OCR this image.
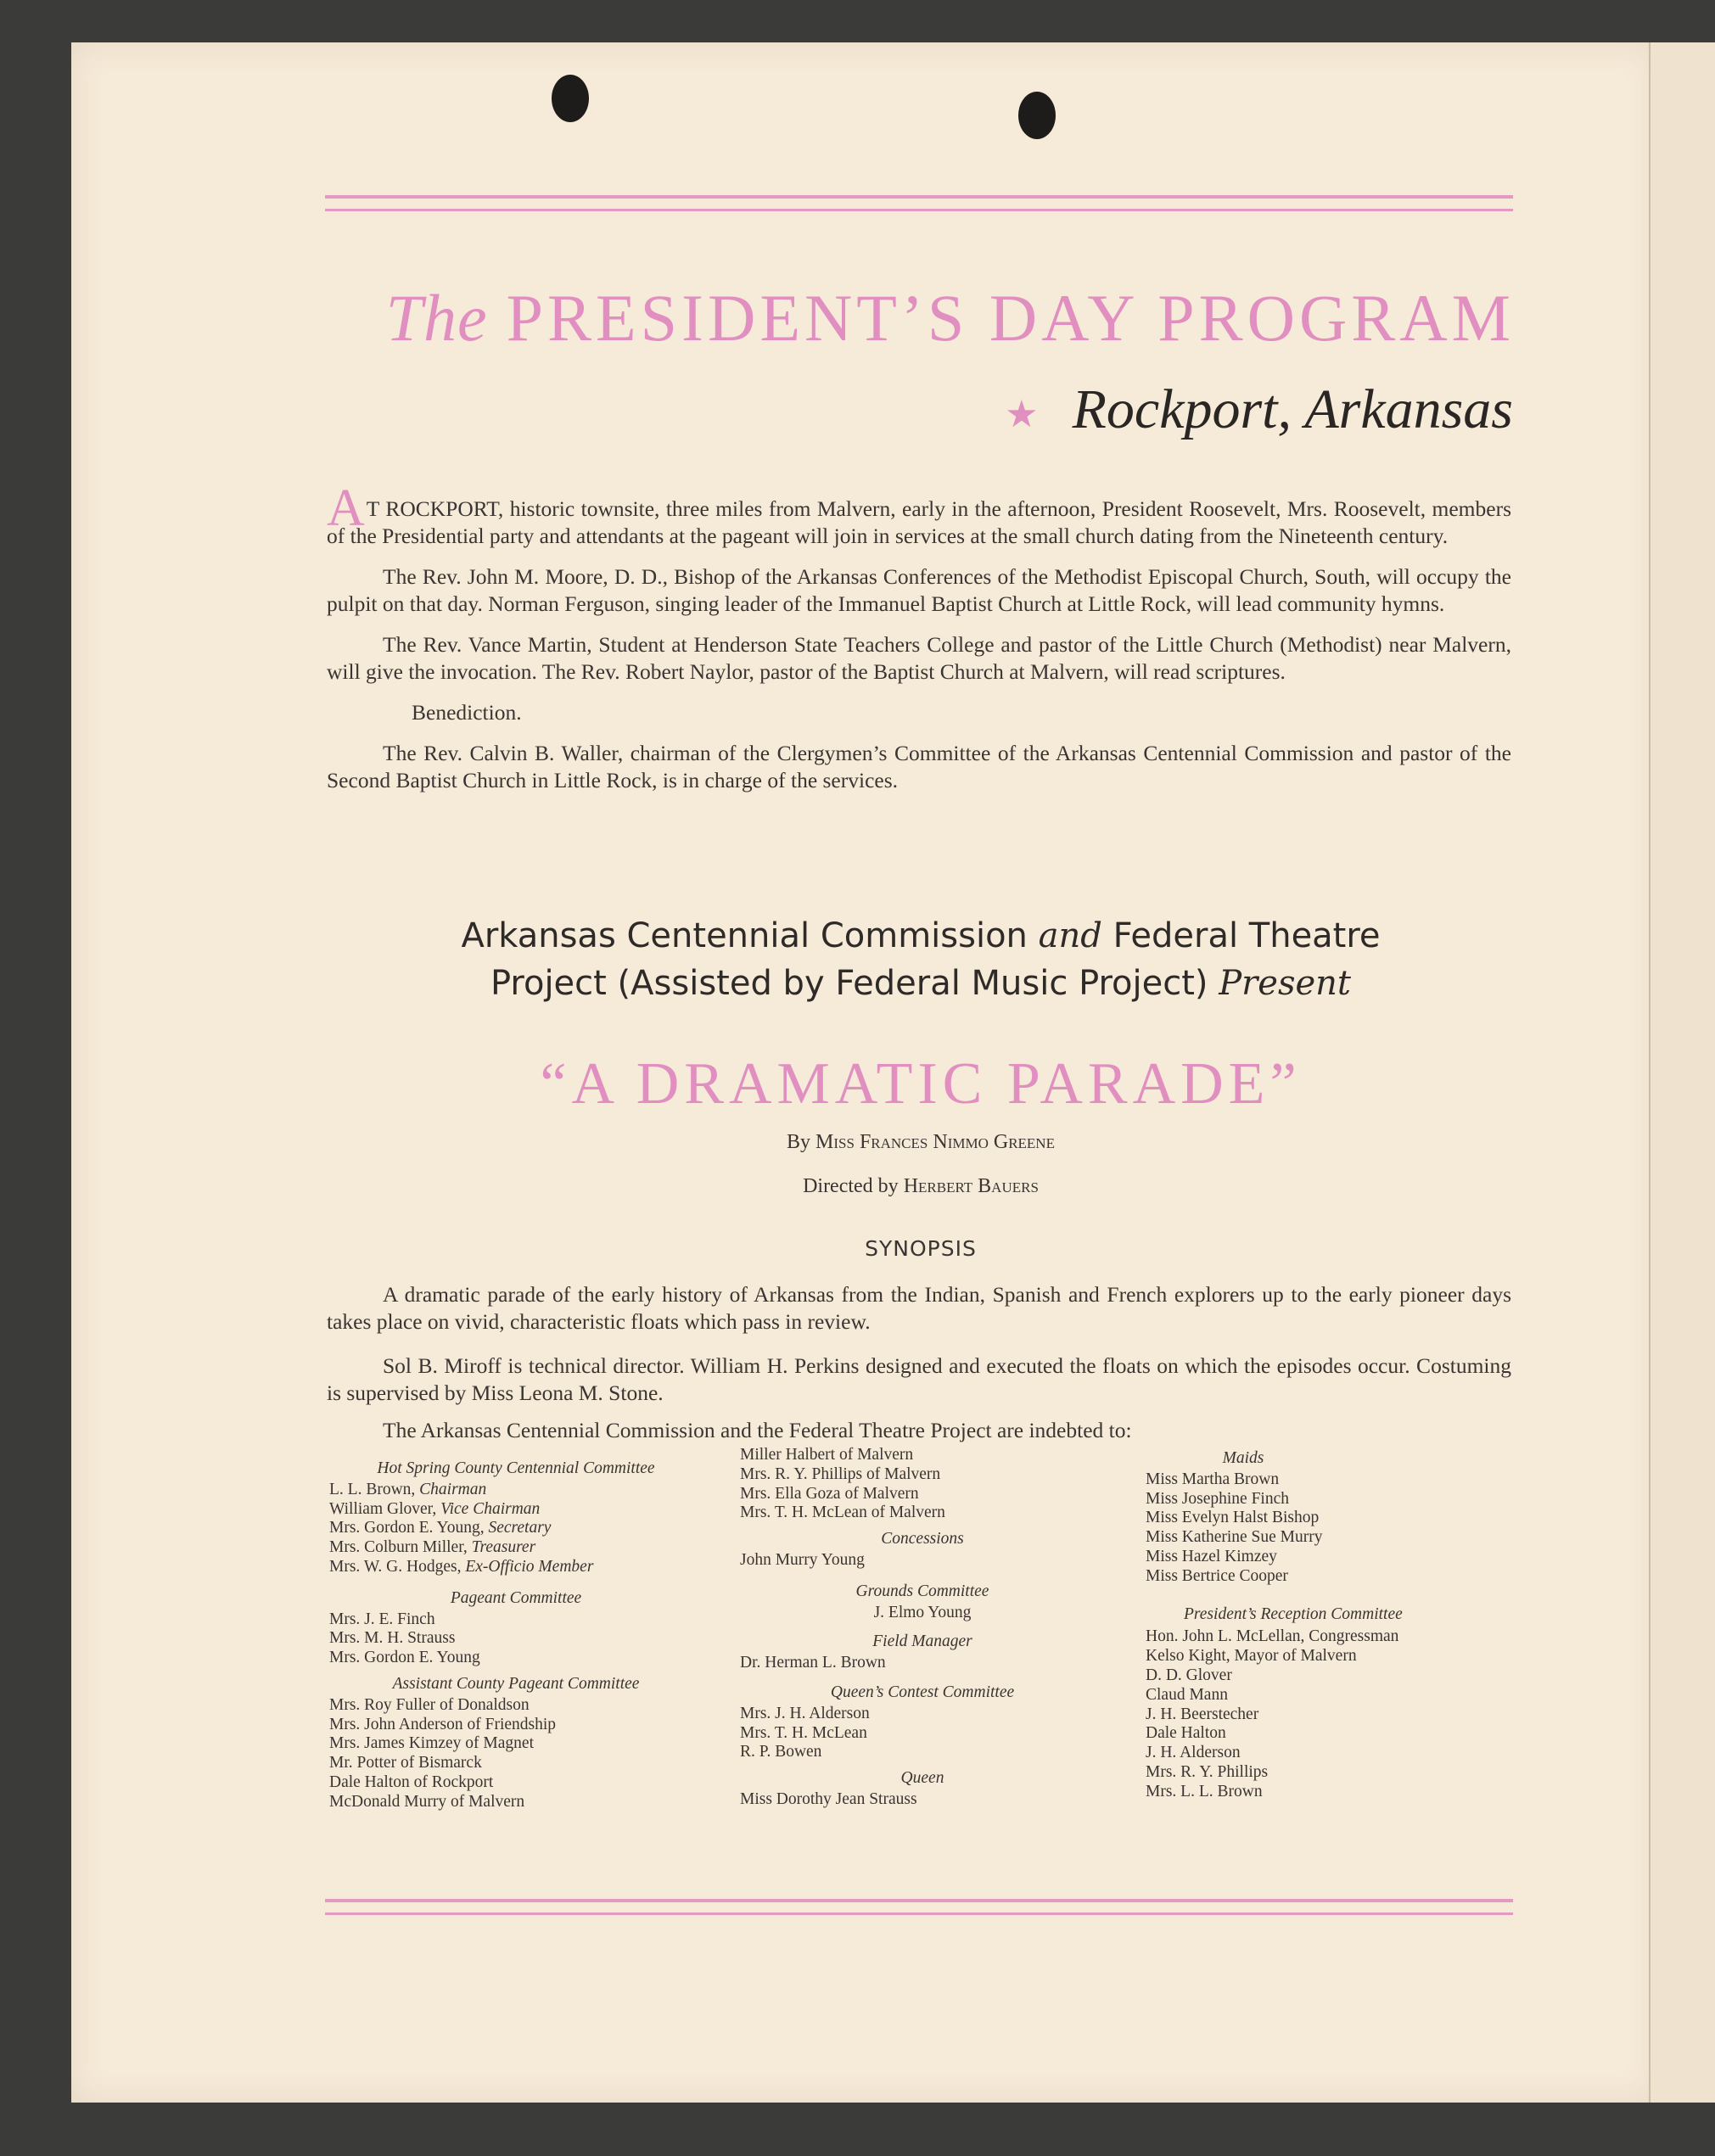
The PRESIDENT’S DAY PROGRAM
★ Rockport, Arkansas

A T ROCKPORT, historic townsite, three miles from Malvern, early in the afternoon, President Roosevelt, Mrs. Roosevelt, members of the Presidential party and attendants at the pageant will join in services at the small church dating from the Nineteenth century.

The Rev. John M. Moore, D. D., Bishop of the Arkansas Conferences of the Methodist Episcopal Church, South, will occupy the pulpit on that day. Norman Ferguson, singing leader of the Immanuel Baptist Church at Little Rock, will lead community hymns.

The Rev. Vance Martin, Student at Henderson State Teachers College and pastor of the Little Church (Methodist) near Malvern, will give the invocation. The Rev. Robert Naylor, pastor of the Baptist Church at Malvern, will read scriptures.

Benediction.

The Rev. Calvin B. Waller, chairman of the Clergymen’s Committee of the Arkansas Centennial Commission and pastor of the Second Baptist Church in Little Rock, is in charge of the services.

Arkansas Centennial Commission and Federal Theatre
Project (Assisted by Federal Music Project) Present
“A DRAMATIC PARADE”
By Miss Frances Nimmo Greene
Directed by Herbert Bauers
SYNOPSIS

A dramatic parade of the early history of Arkansas from the Indian, Spanish and French explorers up to the early pioneer days takes place on vivid, characteristic floats which pass in review.

Sol B. Miroff is technical director. William H. Perkins designed and executed the floats on which the episodes occur. Costuming is supervised by Miss Leona M. Stone.

The Arkansas Centennial Commission and the Federal Theatre Project are indebted to:

Hot Spring County Centennial Committee
L. L. Brown, Chairman
William Glover, Vice Chairman
Mrs. Gordon E. Young, Secretary
Mrs. Colburn Miller, Treasurer
Mrs. W. G. Hodges, Ex-Officio Member
Pageant Committee
Mrs. J. E. Finch
Mrs. M. H. Strauss
Mrs. Gordon E. Young
Assistant County Pageant Committee
Mrs. Roy Fuller of Donaldson
Mrs. John Anderson of Friendship
Mrs. James Kimzey of Magnet
Mr. Potter of Bismarck
Dale Halton of Rockport
McDonald Murry of Malvern
Miller Halbert of Malvern
Mrs. R. Y. Phillips of Malvern
Mrs. Ella Goza of Malvern
Mrs. T. H. McLean of Malvern
Concessions
John Murry Young
Grounds Committee
J. Elmo Young
Field Manager
Dr. Herman L. Brown
Queen’s Contest Committee
Mrs. J. H. Alderson
Mrs. T. H. McLean
R. P. Bowen
Queen
Miss Dorothy Jean Strauss
Maids
Miss Martha Brown
Miss Josephine Finch
Miss Evelyn Halst Bishop
Miss Katherine Sue Murry
Miss Hazel Kimzey
Miss Bertrice Cooper
President’s Reception Committee
Hon. John L. McLellan, Congressman
Kelso Kight, Mayor of Malvern
D. D. Glover
Claud Mann
J. H. Beerstecher
Dale Halton
J. H. Alderson
Mrs. R. Y. Phillips
Mrs. L. L. Brown
